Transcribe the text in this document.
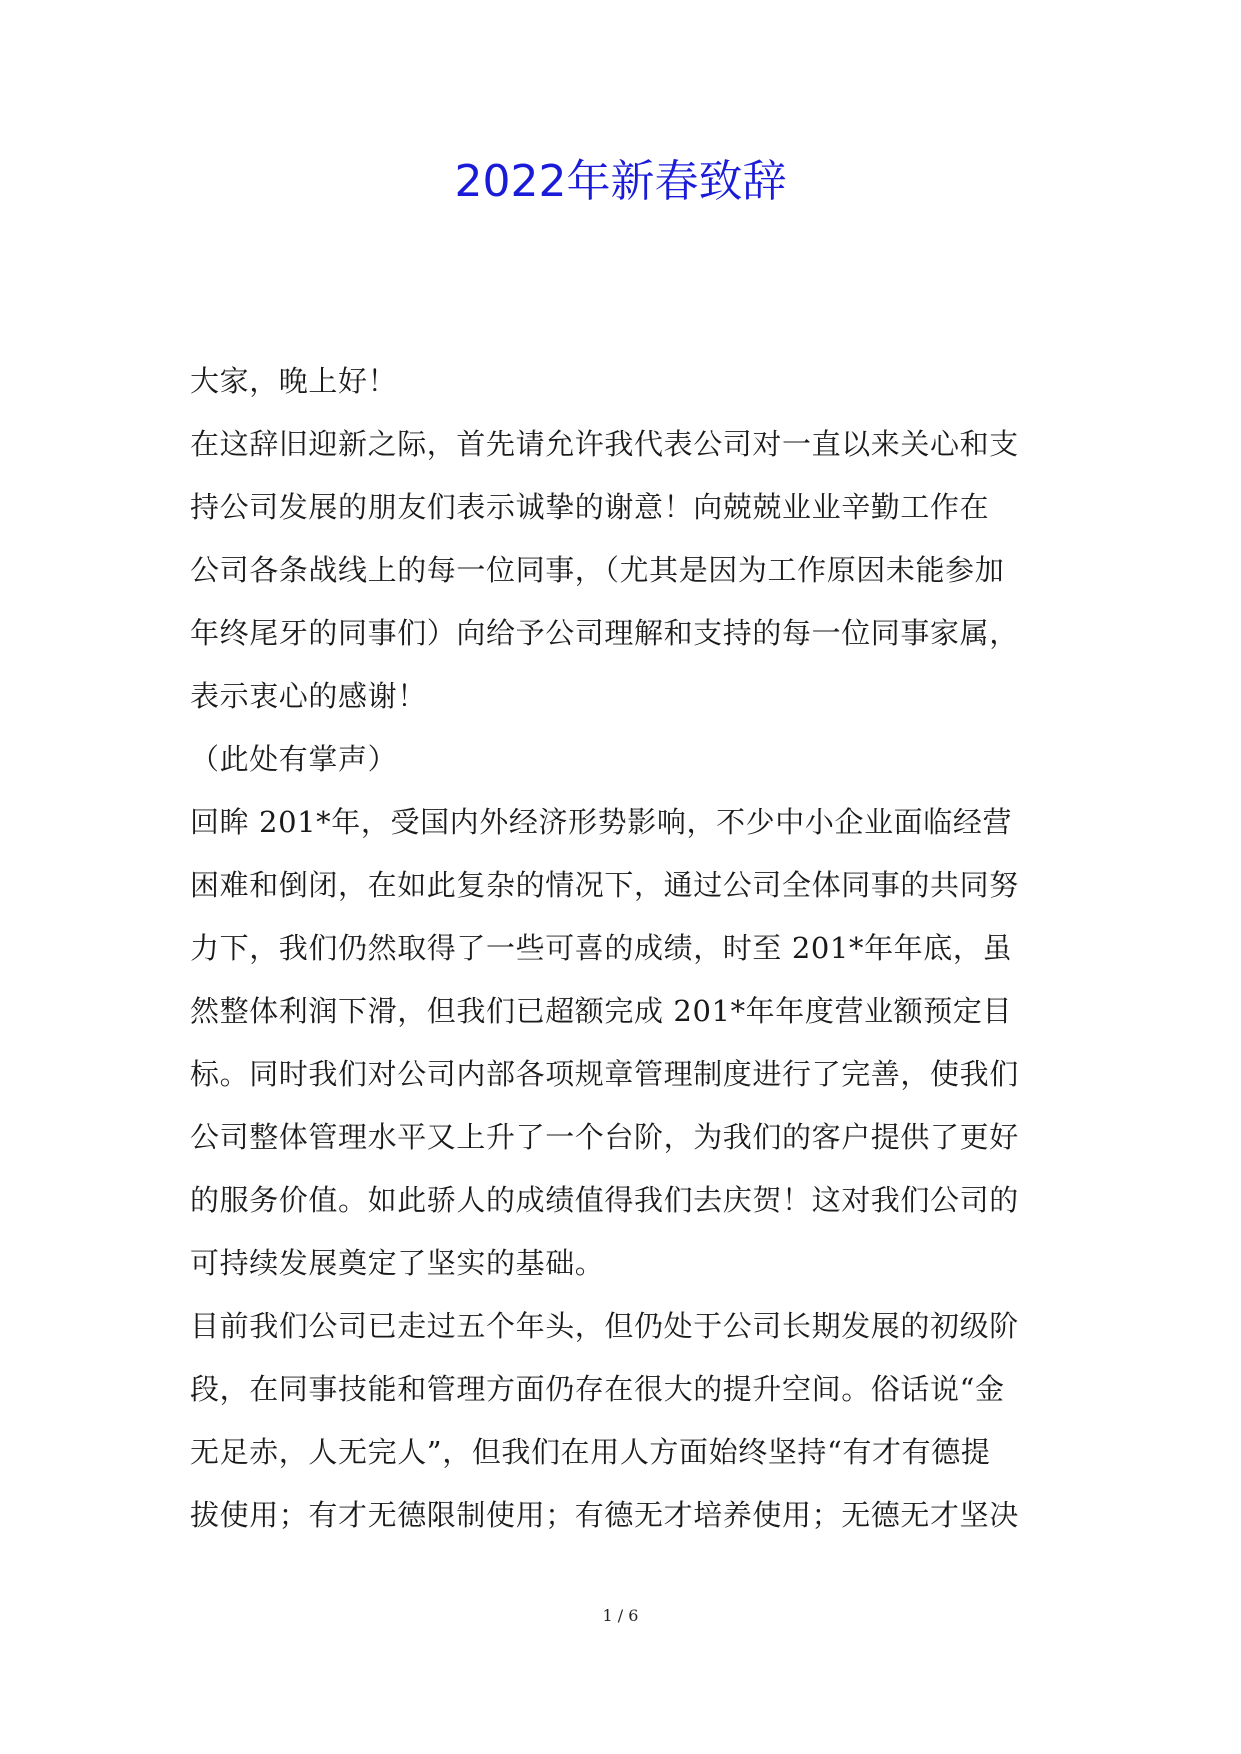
2022年新春致辞
大家，晚上好！
在这辞旧迎新之际，首先请允许我代表公司对一直以来关心和支
持公司发展的朋友们表示诚挚的谢意！向兢兢业业辛勤工作在
公司各条战线上的每一位同事，（尤其是因为工作原因未能参加
年终尾牙的同事们）向给予公司理解和支持的每一位同事家属，
表示衷心的感谢！
（此处有掌声）
回眸 201*年，受国内外经济形势影响，不少中小企业面临经营
困难和倒闭，在如此复杂的情况下，通过公司全体同事的共同努
力下，我们仍然取得了一些可喜的成绩，时至 201*年年底，虽
然整体利润下滑，但我们已超额完成 201*年年度营业额预定目
标。同时我们对公司内部各项规章管理制度进行了完善，使我们
公司整体管理水平又上升了一个台阶，为我们的客户提供了更好
的服务价值。如此骄人的成绩值得我们去庆贺！这对我们公司的
可持续发展奠定了坚实的基础。
目前我们公司已走过五个年头，但仍处于公司长期发展的初级阶
段，在同事技能和管理方面仍存在很大的提升空间。俗话说“金
无足赤，人无完人”，但我们在用人方面始终坚持“有才有德提
拔使用；有才无德限制使用；有德无才培养使用；无德无才坚决
1 / 6
